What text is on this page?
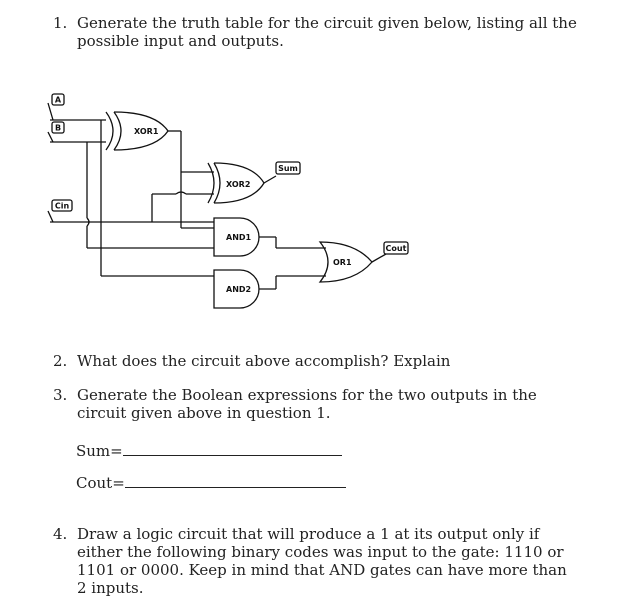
1. Generate the truth table for the circuit given below, listing all the possible input and outputs.
A
B
Cin
XOR1
XOR2
AND1
AND2
OR1
Sum
Cout
2. What does the circuit above accomplish? Explain
3. Generate the Boolean expressions for the two outputs in the circuit given above in question 1.
Sum=
Cout=
4. Draw a logic circuit that will produce a 1 at its output only if either the following binary codes was input to the gate: 1110 or 1101 or 0000. Keep in mind that AND gates can have more than 2 inputs.
